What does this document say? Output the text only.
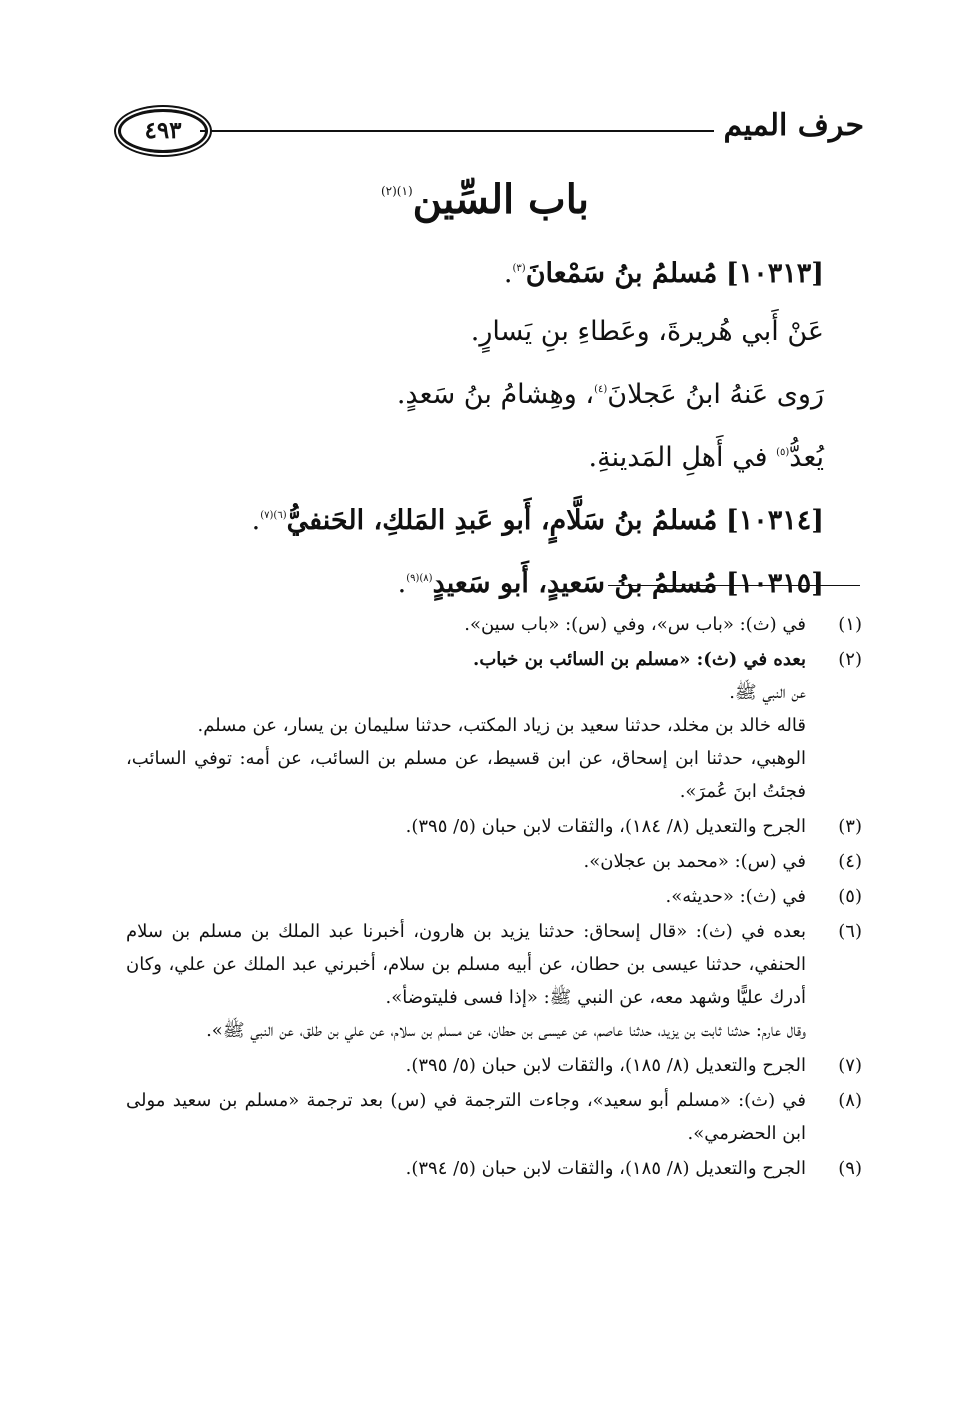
حرف الميم
٤٩٣
باب السِّين$^{(١)(٢)}$
[١٠٣١٣] مُسلمُ بنُ سَمْعانَ$^{(٣)}$.
عَنْ أَبي هُريرةَ، وعَطاءِ بنِ يَسارٍ.
رَوى عَنهُ ابنُ عَجلانَ$^{(٤)}$، وهِشامُ بنُ سَعدٍ.
يُعدُّ$^{(٥)}$ في أَهلِ المَدينةِ.
[١٠٣١٤] مُسلمُ بنُ سَلَّامٍ، أَبو عَبدِ المَلكِ، الحَنفيُّ$^{(٦)(٧)}$.
[١٠٣١٥] مُسلمُ بنُ سَعيدٍ، أَبو سَعيدٍ$^{(٨)(٩)}$.
(١)
في (ث): «باب س»، وفي (س): «باب سين».
(٢)
بعده في (ث): «مسلم بن السائب بن خباب.
عن النبي ﷺ.
قاله خالد بن مخلد، حدثنا سعيد بن زياد المكتب، حدثنا سليمان بن يسار، عن مسلم.
الوهبي، حدثنا ابن إسحاق، عن ابن قسيط، عن مسلم بن السائب، عن أمه: توفي السائب، فجئتُ ابنَ عُمرَ».
(٣)
الجرح والتعديل (٨/ ١٨٤)، والثقات لابن حبان (٥/ ٣٩٥).
(٤)
في (س): «محمد بن عجلان».
(٥)
في (ث): «حديثه».
(٦)
بعده في (ث): «قال إسحاق: حدثنا يزيد بن هارون، أخبرنا عبد الملك بن مسلم بن سلام الحنفي، حدثنا عيسى بن حطان، عن أبيه مسلم بن سلام، أخبرني عبد الملك عن علي، وكان أدرك عليًّا وشهد معه، عن النبي ﷺ: «إذا فسى فليتوضأ».
وقال عارم: حدثنا ثابت بن يزيد، حدثنا عاصم، عن عيسى بن حطان، عن مسلم بن سلام، عن علي بن طلق، عن النبي ﷺ».
(٧)
الجرح والتعديل (٨/ ١٨٥)، والثقات لابن حبان (٥/ ٣٩٥).
(٨)
في (ث): «مسلم أبو سعيد»، وجاءت الترجمة في (س) بعد ترجمة «مسلم بن سعيد مولى ابن الحضرمي».
(٩)
الجرح والتعديل (٨/ ١٨٥)، والثقات لابن حبان (٥/ ٣٩٤).
